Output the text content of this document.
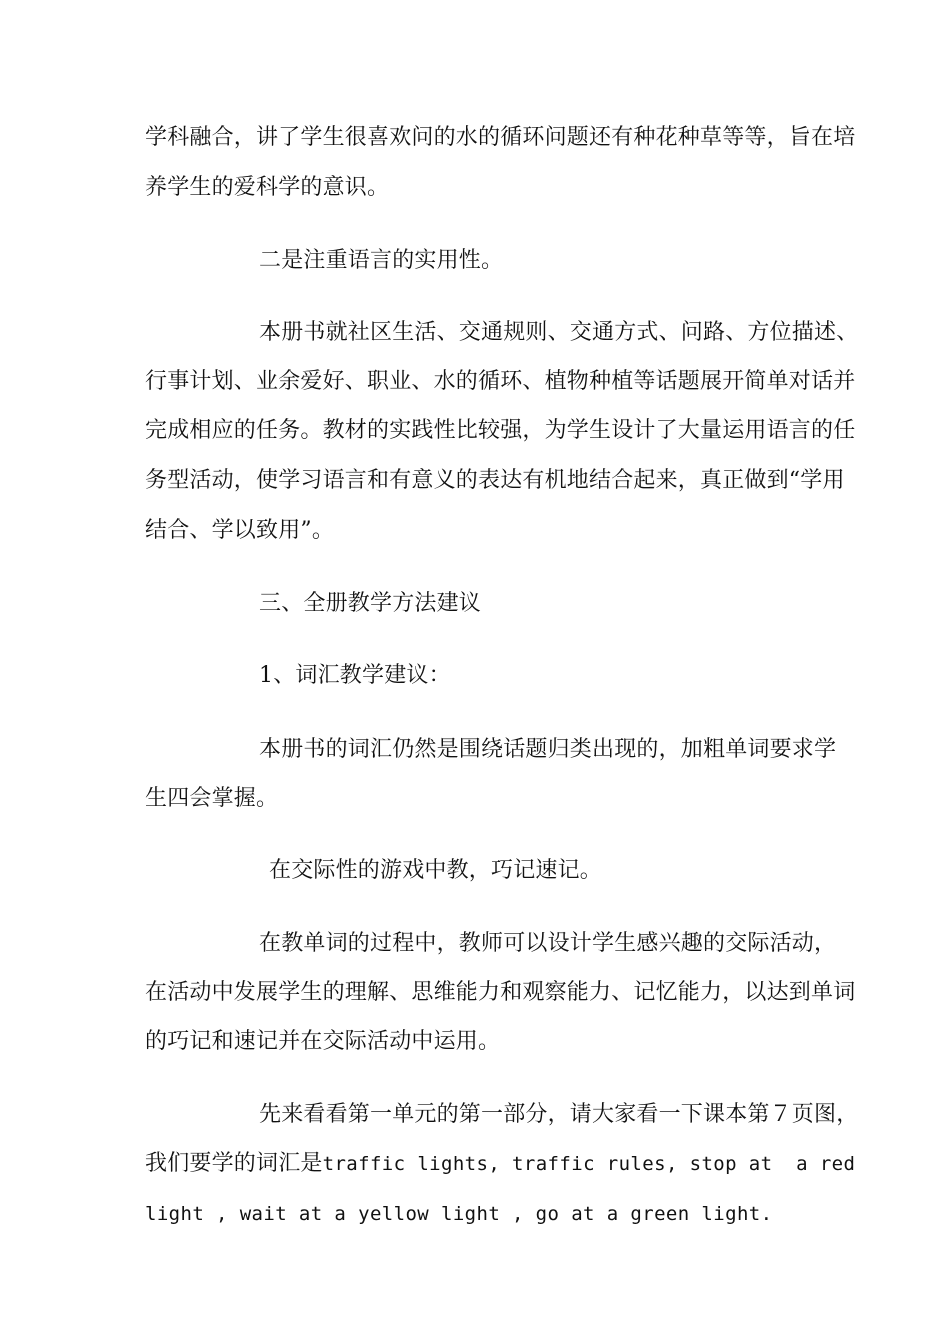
学科融合，讲了学生很喜欢问的水的循环问题还有种花种草等等，旨在培
养学生的爱科学的意识。
二是注重语言的实用性。
本册书就社区生活、交通规则、交通方式、问路、方位描述、
行事计划、业余爱好、职业、水的循环、植物种植等话题展开简单对话并
完成相应的任务。教材的实践性比较强，为学生设计了大量运用语言的任
务型活动，使学习语言和有意义的表达有机地结合起来，真正做到“学用
结合、学以致用”。
三、全册教学方法建议
1、词汇教学建议：
本册书的词汇仍然是围绕话题归类出现的，加粗单词要求学
生四会掌握。
在交际性的游戏中教，巧记速记。
在教单词的过程中，教师可以设计学生感兴趣的交际活动，
在活动中发展学生的理解、思维能力和观察能力、记忆能力，以达到单词
的巧记和速记并在交际活动中运用。
先来看看第一单元的第一部分，请大家看一下课本第７页图，
我们要学的词汇是traffic lights, traffic rules, stop at  a red
light , wait at a yellow light , go at a green light.
